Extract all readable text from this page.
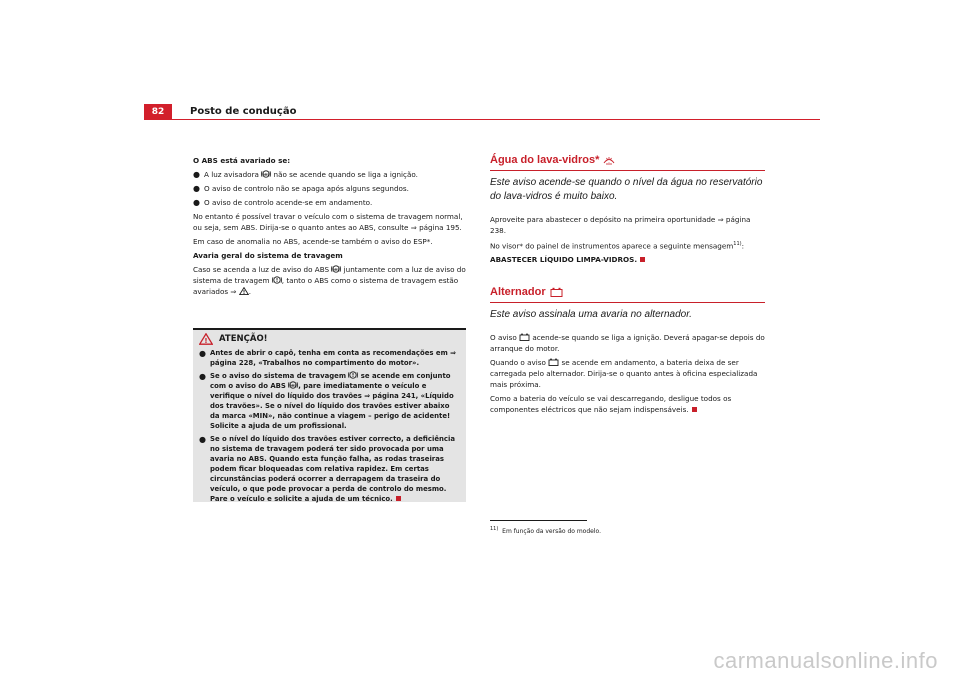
82	Posto de condução

O ABS está avariado se:

● A luz avisadora ABS não se acende quando se liga a ignição.
● O aviso de controlo não se apaga após alguns segundos.
● O aviso de controlo acende-se em andamento.

No entanto é possível travar o veículo com o sistema de travagem normal, ou seja, sem ABS. Dirija-se o quanto antes ao ABS, consulte ⇒ página 195.

Em caso de anomalia no ABS, acende-se também o aviso do ESP*.

Avaria geral do sistema de travagem

Caso se acenda a luz de aviso do ABS ABS juntamente com a luz de aviso do sistema de travagem ! , tanto o ABS como o sistema de travagem estão avariados ⇒ ! .

! ATENÇÃO!
● Antes de abrir o capô, tenha em conta as recomendações em ⇒ página 228, «Trabalhos no compartimento do motor».
● Se o aviso do sistema de travagem ! se acende em conjunto com o aviso do ABS ABS , pare imediatamente o veículo e verifique o nível do líquido dos travões ⇒ página 241, «Líquido dos travões». Se o nível do líquido dos travões estiver abaixo da marca «MIN», não continue a viagem – perigo de acidente! Solicite a ajuda de um profissional.
● Se o nível do líquido dos travões estiver correcto, a deficiência no sistema de travagem poderá ter sido provocada por uma avaria no ABS. Quando esta função falha, as rodas traseiras podem ficar bloqueadas com relativa rapidez. Em certas circunstâncias poderá ocorrer a derrapagem da traseira do veículo, o que pode provocar a perda de controlo do mesmo. Pare o veículo e solicite a ajuda de um técnico.
Água do lava-vidros*
Este aviso acende-se quando o nível da água no reservatório do lava-vidros é muito baixo.

Aproveite para abastecer o depósito na primeira oportunidade ⇒ página 238.

No visor* do painel de instrumentos aparece a seguinte mensagem$^{11)}$:

ABASTECER LÍQUIDO LIMPA-VIDROS.

Alternador
Este aviso assinala uma avaria no alternador.

O aviso  acende-se quando se liga a ignição. Deverá apagar-se depois do arranque do motor.

Quando o aviso  se acende em andamento, a bateria deixa de ser carregada pelo alternador. Dirija-se o quanto antes à oficina especializada mais próxima.

Como a bateria do veículo se vai descarregando, desligue todos os componentes eléctricos que não sejam indispensáveis.

$^{11)}$ Em função da versão do modelo.
carmanualsonline.info
